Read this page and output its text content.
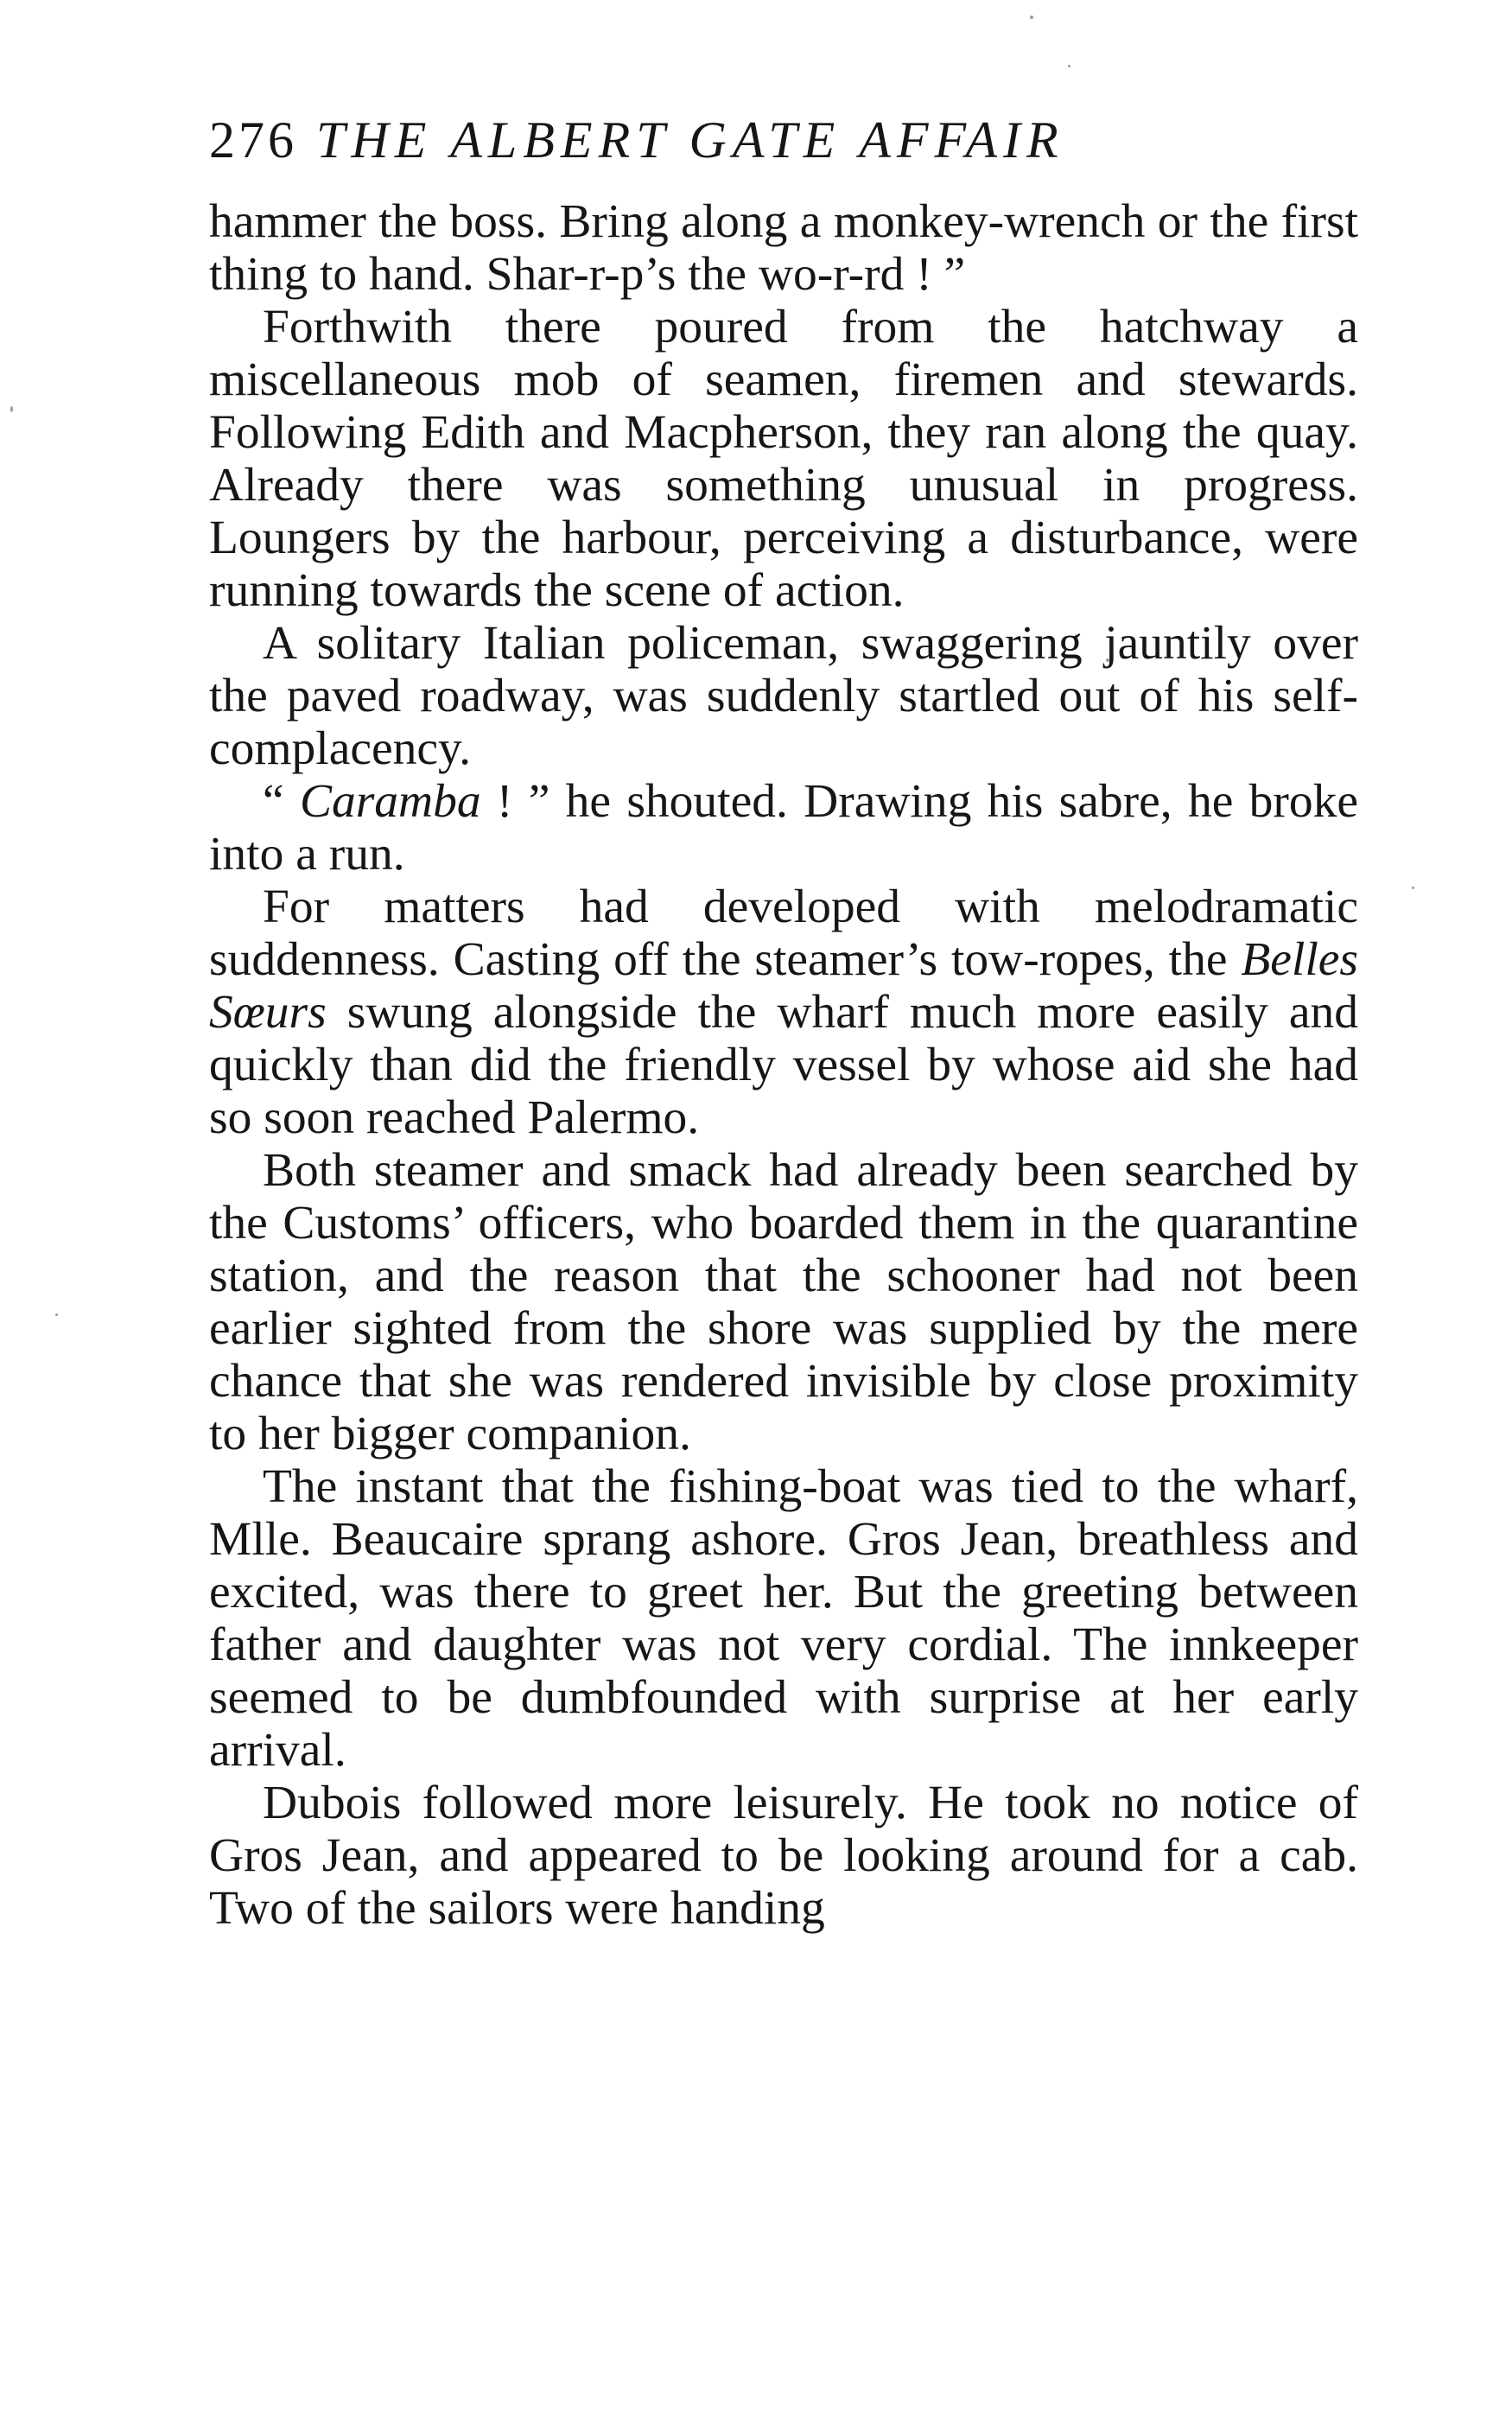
276 THE ALBERT GATE AFFAIR

hammer the boss. Bring along a monkey-wrench or the first thing to hand. Shar-r-p’s the wo-r-rd ! ”

Forthwith there poured from the hatchway a miscellaneous mob of seamen, firemen and stewards. Following Edith and Macpherson, they ran along the quay. Already there was something unusual in progress. Loungers by the harbour, perceiving a disturbance, were running towards the scene of action.

A solitary Italian policeman, swaggering jauntily over the paved roadway, was suddenly startled out of his self-complacency.

“ Caramba ! ” he shouted. Drawing his sabre, he broke into a run.

For matters had developed with melodramatic suddenness. Casting off the steamer’s tow-ropes, the Belles Sœurs swung alongside the wharf much more easily and quickly than did the friendly vessel by whose aid she had so soon reached Palermo.

Both steamer and smack had already been searched by the Customs’ officers, who boarded them in the quarantine station, and the reason that the schooner had not been earlier sighted from the shore was supplied by the mere chance that she was rendered invisible by close proximity to her bigger companion.

The instant that the fishing-boat was tied to the wharf, Mlle. Beaucaire sprang ashore. Gros Jean, breathless and excited, was there to greet her. But the greeting between father and daughter was not very cordial. The innkeeper seemed to be dumbfounded with surprise at her early arrival.

Dubois followed more leisurely. He took no notice of Gros Jean, and appeared to be looking around for a cab. Two of the sailors were handing
